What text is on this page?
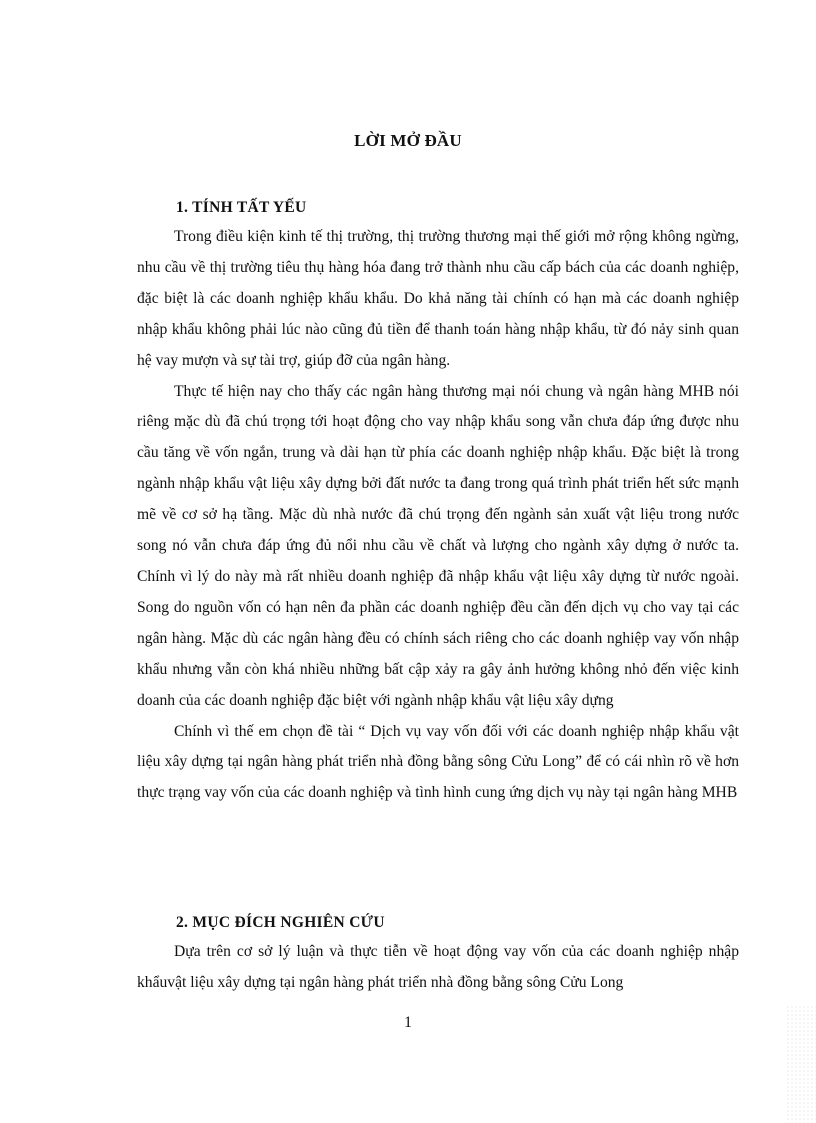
LỜI MỞ ĐẦU
1. TÍNH TẤT YẾU

Trong điều kiện kinh tế thị trường, thị trường thương mại thế giới mở rộng không ngừng, nhu cầu về thị trường tiêu thụ hàng hóa đang trở thành nhu cầu cấp bách của các doanh nghiệp, đặc biệt là các doanh nghiệp khẩu khẩu. Do khả năng tài chính có hạn mà các doanh nghiệp nhập khẩu không phải lúc nào cũng đủ tiền để thanh toán hàng nhập khẩu, từ đó nảy sinh quan hệ vay mượn và sự tài trợ, giúp đỡ của ngân hàng.

Thực tế hiện nay cho thấy các ngân hàng thương mại nói chung và ngân hàng MHB nói riêng mặc dù đã chú trọng tới hoạt động cho vay nhập khẩu song vẫn chưa đáp ứng được nhu cầu tăng về vốn ngắn, trung và dài hạn từ phía các doanh nghiệp nhập khẩu. Đặc biệt là trong ngành nhập khẩu vật liệu xây dựng bởi đất nước ta đang trong quá trình phát triển hết sức mạnh mẽ về cơ sở hạ tầng. Mặc dù nhà nước đã chú trọng đến ngành sản xuất vật liệu trong nước song nó vẫn chưa đáp ứng đủ nổi nhu cầu về chất và lượng cho ngành xây dựng ở nước ta. Chính vì lý do này mà rất nhiều doanh nghiệp đã nhập khẩu vật liệu xây dựng từ nước ngoài. Song do nguồn vốn có hạn nên đa phần các doanh nghiệp đều cần đến dịch vụ cho vay tại các ngân hàng. Mặc dù các ngân hàng đều có chính sách riêng cho các doanh nghiệp vay vốn nhập khẩu nhưng vẫn còn khá nhiều những bất cập xảy ra gây ảnh hưởng không nhỏ đến việc kinh doanh của các doanh nghiệp đặc biệt với ngành nhập khẩu vật liệu xây dựng

Chính vì thế em chọn đề tài “ Dịch vụ vay vốn đối với các doanh nghiệp nhập khẩu vật liệu xây dựng tại ngân hàng phát triển nhà đồng bằng sông Cửu Long” để có cái nhìn rõ về hơn thực trạng vay vốn của các doanh nghiệp và tình hình cung ứng dịch vụ này tại ngân hàng MHB

2. MỤC ĐÍCH NGHIÊN CỨU

Dựa trên cơ sở lý luận và thực tiễn về hoạt động vay vốn của các doanh nghiệp nhập khẩuvật liệu xây dựng tại ngân hàng phát triển nhà đồng bằng sông Cửu Long

1
